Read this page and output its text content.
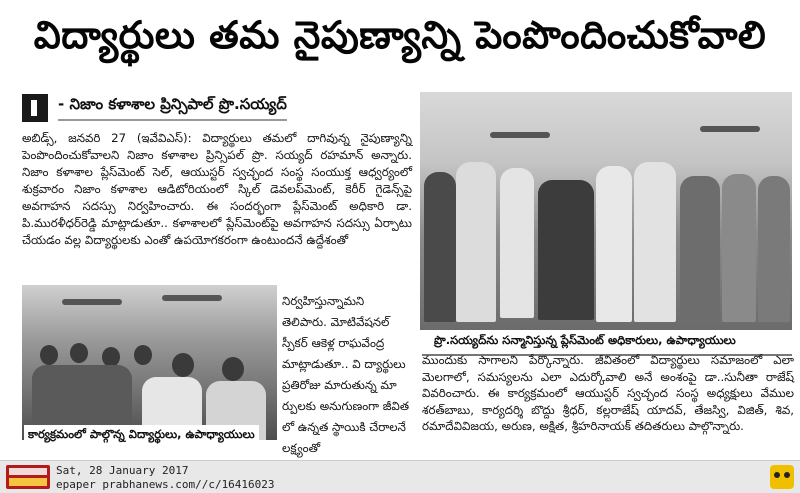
విద్యార్థులు తమ నైపుణ్యాన్ని పెంపొందించుకోవాలి
- నిజాం కళాశాల ప్రిన్సిపాల్ ప్రొ.సయ్యద్

అబిడ్స్, జనవరి 27 (ఇవేవిఎస్): విద్యార్థులు తమలో దాగివున్న నైపుణ్యాన్ని పెంపొందించుకోవాలని నిజాం కళాశాల ప్రిన్సిపల్ ప్రొ. సయ్యద్ రహమాన్ అన్నారు. నిజాం కళాశాల ప్లేస్‌మెంట్ సెల్, ఆయుస్టర్ స్వచ్ఛంద సంస్థ సంయుక్త ఆధ్వర్యంలో శుక్రవారం నిజాం కళాశాల ఆడిటోరియంలో స్కిల్ డెవలప్‌మెంట్, కెరీర్ గైడెన్స్‌పై అవగాహన సదస్సు నిర్వహించారు. ఈ సందర్భంగా ప్లేస్‌మెంట్ అధికారి డా. పి.మురళీధర్‌రెడ్డి మాట్లాడుతూ.. కళాశాలలో ప్లేస్‌మెంట్‌పై అవగాహన సదస్సు ఏర్పాటు చేయడం వల్ల విద్యార్థులకు ఎంతో ఉపయోగకరంగా ఉంటుందనే ఉద్దేశంతో

కార్యక్రమంలో పాల్గొన్న విద్యార్థులు, ఉపాధ్యాయులు

నిర్వహిస్తున్నామని తెలిపారు. మోటివేషనల్ స్పీకర్ ఆకెళ్ల రాఘవేంద్ర మాట్లాడుతూ.. వి ద్యార్థులు ప్రతిరోజు మారుతున్న మా ర్పులకు అనుగుణంగా జీవిత లో ఉన్నత స్థాయికి చేరాలనే లక్ష్యంతో

ప్రొ.సయ్యద్‌ను సన్మానిస్తున్న ప్లేస్‌మెంట్ అధికారులు, ఉపాధ్యాయులు

ముందుకు సాగాలని పేర్కొన్నారు. జీవితంలో విద్యార్థులు సమాజంలో ఎలా మెలగాలో, సమస్యలను ఎలా ఎదుర్కోవాలి అనే అంశంపై డా..సునీతా రాజేష్ వివరించారు. ఈ కార్యక్రమంలో ఆయుస్టర్ స్వచ్ఛంద సంస్థ అధ్యక్షులు వేముల శరత్‌బాబు, కార్యదర్శి బొద్దు శ్రీధర్, కల్లరాజేష్ యాదవ్, తేజస్వి, విజిత్, శివ, రమాదేవివిజయ, అరుణ, అక్షిత, శ్రీహరినాయక్ తదితరులు పాల్గొన్నారు.

Sat, 28 January 2017
epaper prabhanews.com//c/16416023
